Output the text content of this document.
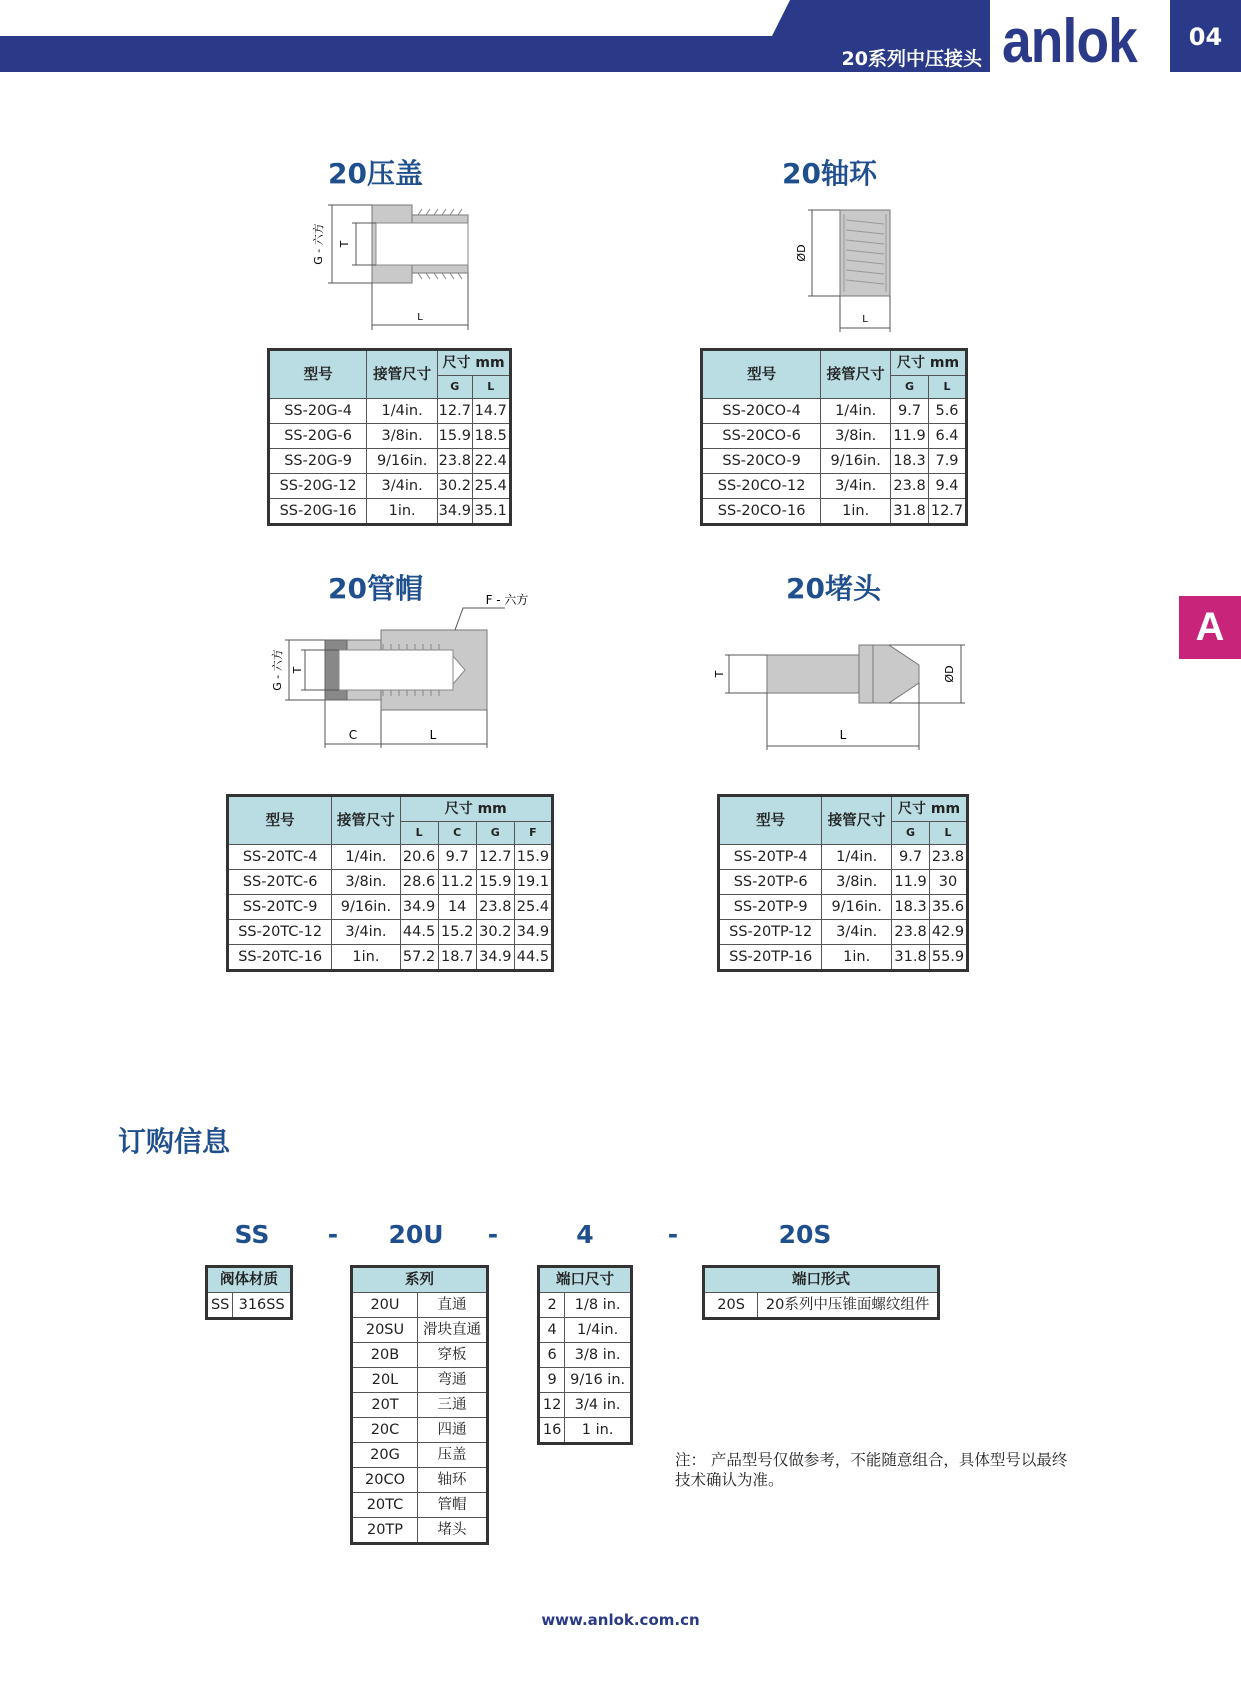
20系列中压接头 anlok	04
A
20压盖	20轴环
20管帽	20堵头
G - 六方 T
L
ØD
L
F - 六方
G - 六方 T
C	L
T	ØD
L
型号	接管尺寸	尺寸 mm	
		G	L
SS-20G-4	1/4in.	12.7	14.7
SS-20G-6	3/8in.	15.9	18.5
SS-20G-9	9/16in.	23.8	22.4
SS-20G-12	3/4in.	30.2	25.4
SS-20G-16	1in.	34.9	35.1
型号	接管尺寸	尺寸 mm	
		G	L
SS-20CO-4	1/4in.	9.7	5.6
SS-20CO-6	3/8in.	11.9	6.4
SS-20CO-9	9/16in.	18.3	7.9
SS-20CO-12	3/4in.	23.8	9.4
SS-20CO-16	1in.	31.8	12.7
型号	接管尺寸	尺寸 mm			
		L	C	G	F
SS-20TC-4	1/4in.	20.6	9.7	12.7	15.9
SS-20TC-6	3/8in.	28.6	11.2	15.9	19.1
SS-20TC-9	9/16in.	34.9	14	23.8	25.4
SS-20TC-12	3/4in.	44.5	15.2	30.2	34.9
SS-20TC-16	1in.	57.2	18.7	34.9	44.5
型号	接管尺寸	尺寸 mm	
		G	L
SS-20TP-4	1/4in.	9.7	23.8
SS-20TP-6	3/8in.	11.9	30
SS-20TP-9	9/16in.	18.3	35.6
SS-20TP-12	3/4in.	23.8	42.9
SS-20TP-16	1in.	31.8	55.9
订购信息
SS	-	20U	-	4	-	20S
阀体材质
SS	316SS
系列	
20U	直通
20SU	滑块直通
20B	穿板
20L	弯通
20T	三通
20C	四通
20G	压盖
20CO	轴环
20TC	管帽
20TP	堵头
端口尺寸	
2	1/8 in.
4	1/4in.
6	3/8 in.
9	9/16 in.
12	3/4 in.
16	1 in.
端口形式
20S	20系列中压锥面螺纹组件
注： 产品型号仅做参考，不能随意组合，具体型号以最终技术确认为准。
www.anlok.com.cn
